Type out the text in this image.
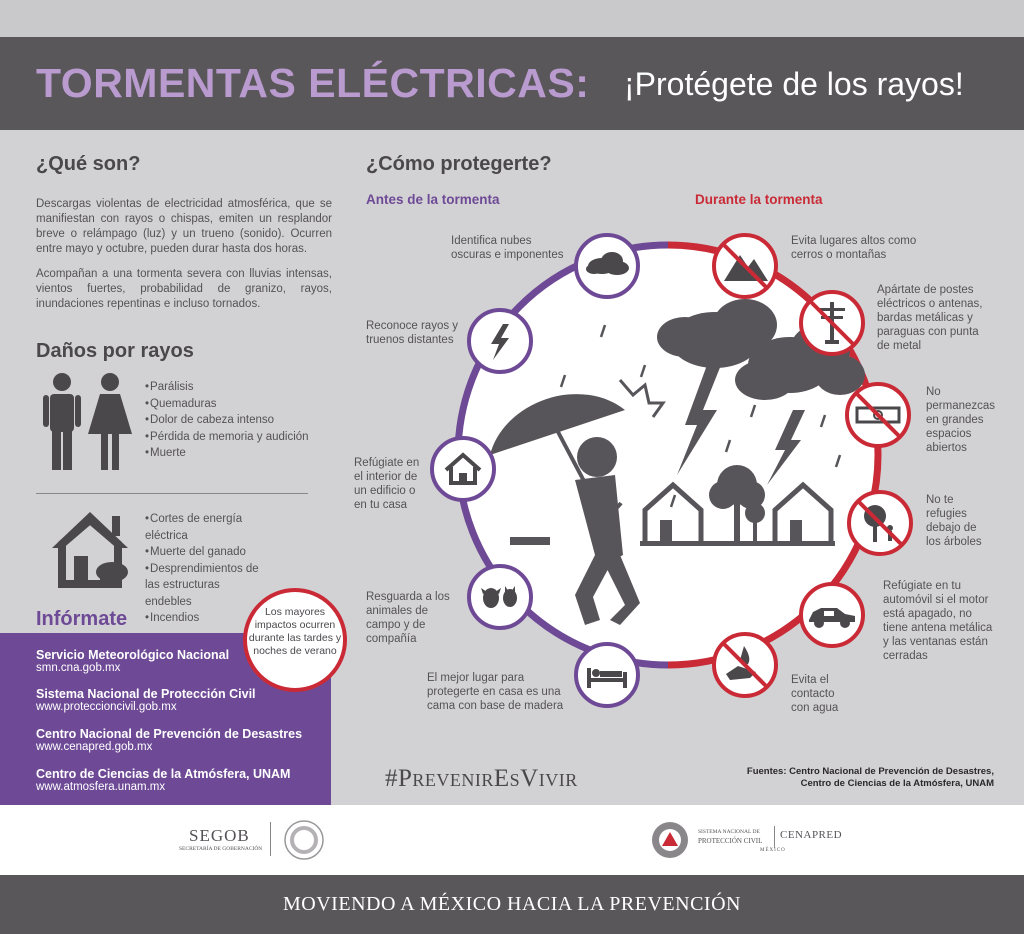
TORMENTAS ELÉCTRICAS: ¡Protégete de los rayos!
¿Qué son?
Descargas violentas de electricidad atmosférica, que se manifiestan con rayos o chispas, emiten un resplandor breve o relámpago (luz) y un trueno (sonido). Ocurren entre mayo y octubre, pueden durar hasta dos horas.
Acompañan a una tormenta severa con lluvias intensas, vientos fuertes, probabilidad de granizo, rayos, inundaciones repentinas e incluso tornados.
Daños por rayos
• Parálisis
• Quemaduras
• Dolor de cabeza intenso
• Pérdida de memoria y audición
• Muerte
• Cortes de energía eléctrica
• Muerte del ganado
• Desprendimientos de las estructuras endebles
• Incendios
Infórmate
Servicio Meteorológico Nacional
smn.cna.gob.mx
Sistema Nacional de Protección Civil
www.proteccioncivil.gob.mx
Centro Nacional de Prevención de Desastres
www.cenapred.gob.mx
Centro de Ciencias de la Atmósfera, UNAM
www.atmosfera.unam.mx
Los mayores impactos ocurren durante las tardes y noches de verano
¿Cómo protegerte?
Antes de la tormenta	Durante la tormenta
Identifica nubes oscuras e imponentes
Reconoce rayos y truenos distantes
Refúgiate en el interior de un edificio o en tu casa
Resguarda a los animales de campo y de compañía
El mejor lugar para protegerte en casa es una cama con base de madera
Evita lugares altos como cerros o montañas
Apártate de postes eléctricos o antenas, bardas metálicas y paraguas con punta de metal
No permanezcas en grandes espacios abiertos
No te refugies debajo de los árboles
Refúgiate en tu automóvil si el motor está apagado, no tiene antena metálica y las ventanas están cerradas
Evita el contacto con agua
#PrevenirEsVivir	Fuentes: Centro Nacional de Prevención de Desastres,
Centro de Ciencias de la Atmósfera, UNAM
SEGOB
SECRETARÍA DE GOBERNACIÓN
SISTEMA NACIONAL DE
PROTECCIÓN CIVIL
MÉXICO
CENAPRED
MOVIENDO A MÉXICO HACIA LA PREVENCIÓN
